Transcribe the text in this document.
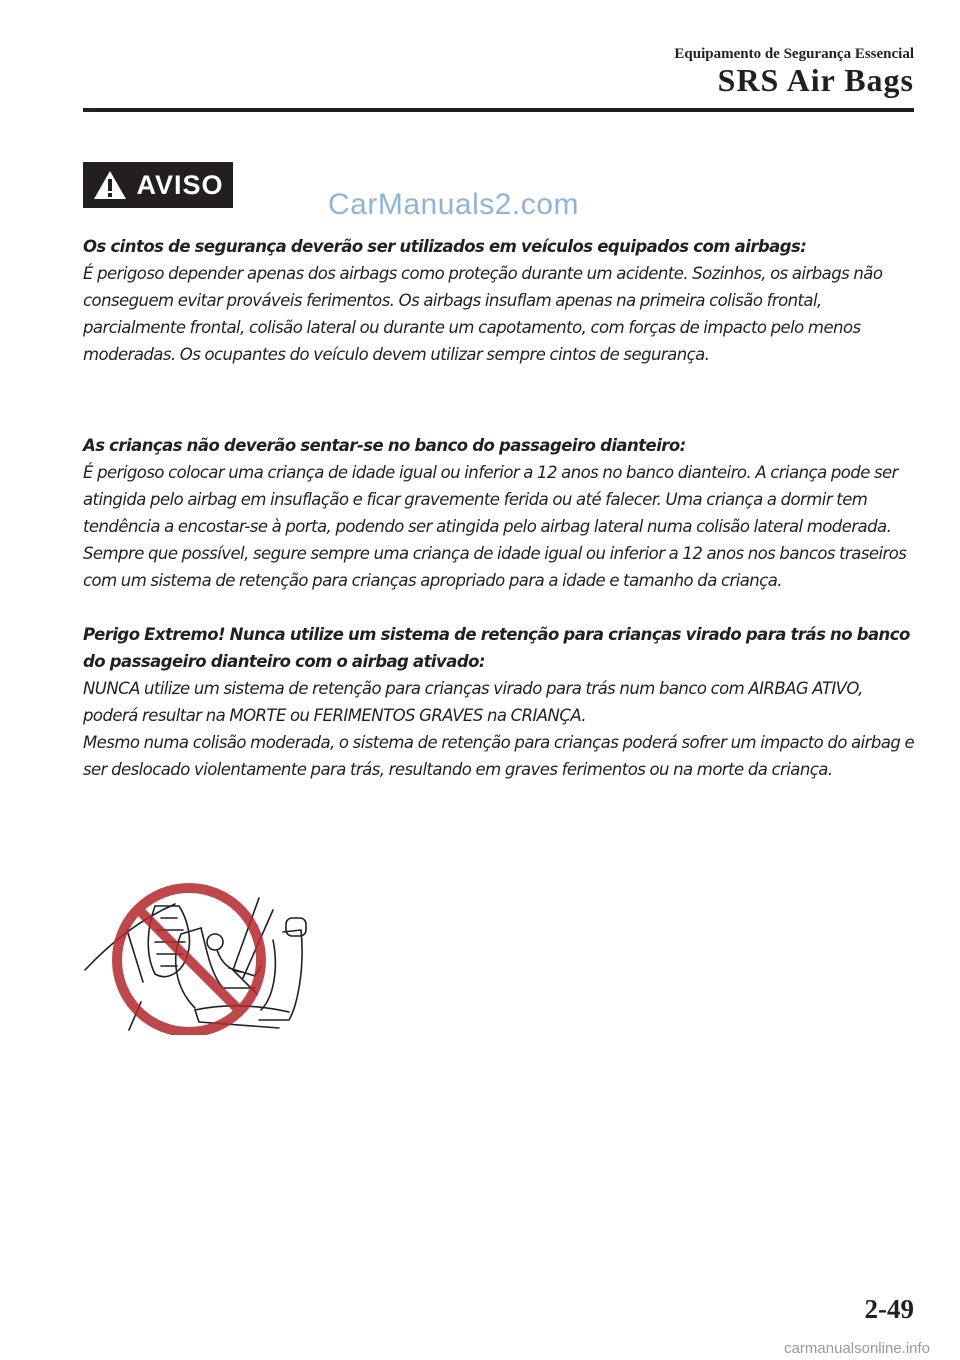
Equipamento de Segurança Essencial
SRS Air Bags
AVISO
CarManuals2.com

Os cintos de segurança deverão ser utilizados em veículos equipados com airbags:

É perigoso depender apenas dos airbags como proteção durante um acidente. Sozinhos, os airbags não conseguem evitar prováveis ferimentos. Os airbags insuflam apenas na primeira colisão frontal, parcialmente frontal, colisão lateral ou durante um capotamento, com forças de impacto pelo menos moderadas. Os ocupantes do veículo devem utilizar sempre cintos de segurança.

As crianças não deverão sentar-se no banco do passageiro dianteiro:

É perigoso colocar uma criança de idade igual ou inferior a 12 anos no banco dianteiro. A criança pode ser atingida pelo airbag em insuflação e ficar gravemente ferida ou até falecer. Uma criança a dormir tem tendência a encostar-se à porta, podendo ser atingida pelo airbag lateral numa colisão lateral moderada. Sempre que possível, segure sempre uma criança de idade igual ou inferior a 12 anos nos bancos traseiros com um sistema de retenção para crianças apropriado para a idade e tamanho da criança.

Perigo Extremo! Nunca utilize um sistema de retenção para crianças virado para trás no banco do passageiro dianteiro com o airbag ativado:

NUNCA utilize um sistema de retenção para crianças virado para trás num banco com AIRBAG ATIVO, poderá resultar na MORTE ou FERIMENTOS GRAVES na CRIANÇA.

Mesmo numa colisão moderada, o sistema de retenção para crianças poderá sofrer um impacto do airbag e ser deslocado violentamente para trás, resultando em graves ferimentos ou na morte da criança.

2-49
carmanualsonline.info
